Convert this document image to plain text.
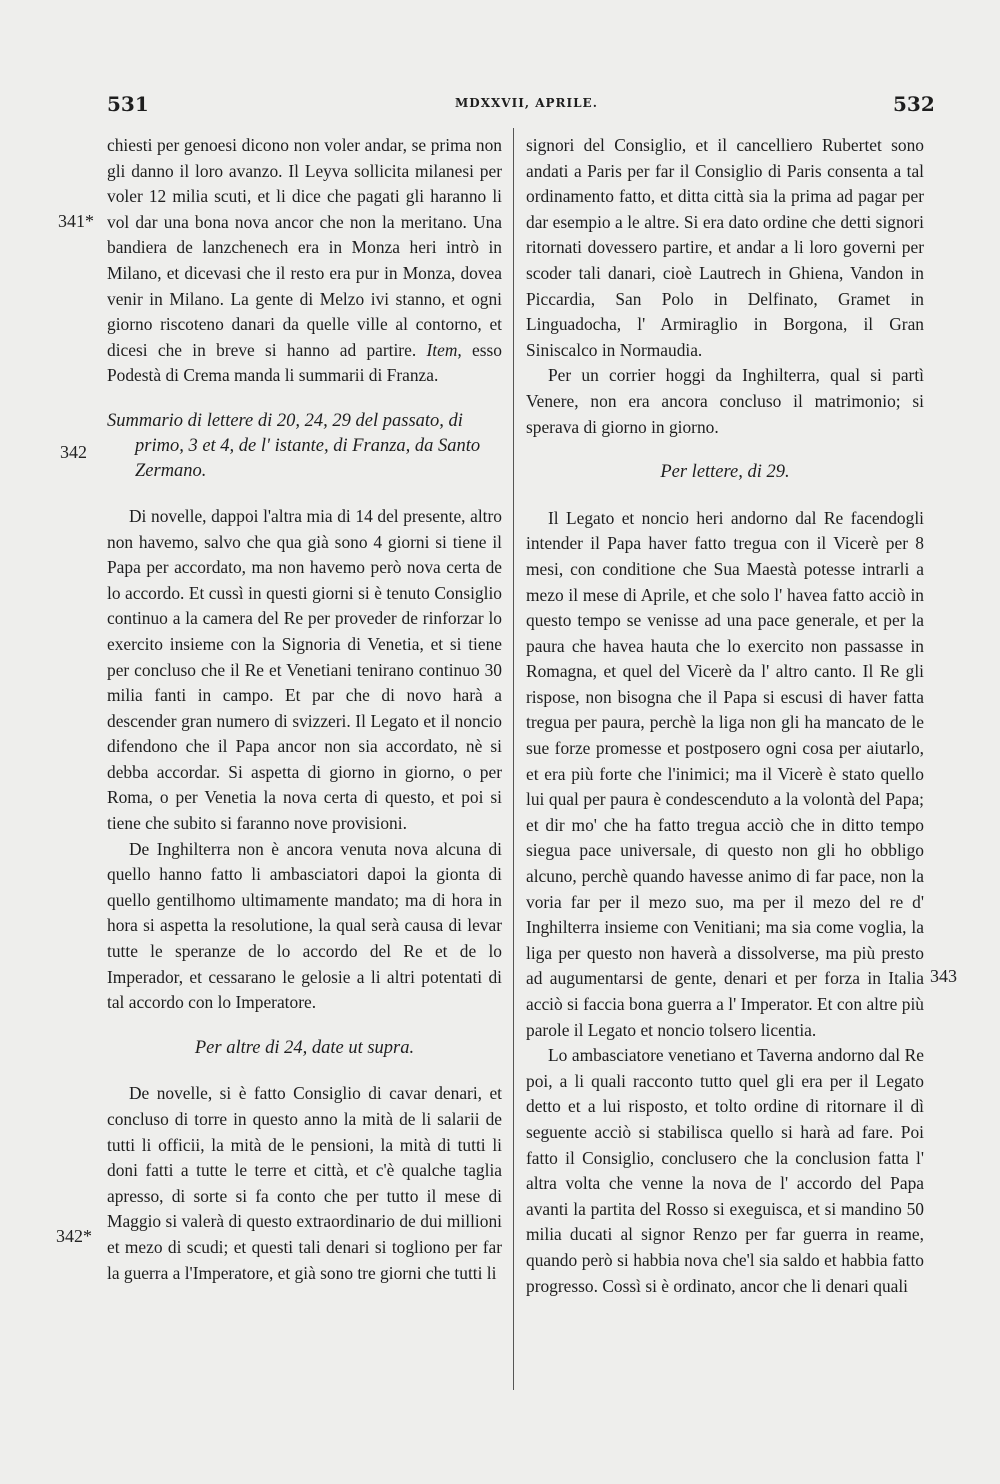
531	MDXXVII, APRILE.	532
341*
342
342*
343

chiesti per genoesi dicono non voler andar, se prima non gli danno il loro avanzo. Il Leyva sollicita milanesi per voler 12 milia scuti, et li dice che pagati gli haranno li vol dar una bona nova ancor che non la meritano. Una bandiera de lanzchenech era in Monza heri intrò in Milano, et dicevasi che il resto era pur in Monza, dovea venir in Milano. La gente di Melzo ivi stanno, et ogni giorno riscoteno danari da quelle ville al contorno, et dicesi che in breve si hanno ad partire. Item, esso Podestà di Crema manda li summarii di Franza.

Summario di lettere di 20, 24, 29 del passato, di primo, 3 et 4, de l' istante, di Franza, da Santo Zermano.

Di novelle, dappoi l'altra mia di 14 del presente, altro non havemo, salvo che qua già sono 4 giorni si tiene il Papa per accordato, ma non havemo però nova certa de lo accordo. Et cussì in questi giorni si è tenuto Consiglio continuo a la camera del Re per proveder de rinforzar lo exercito insieme con la Signoria di Venetia, et si tiene per concluso che il Re et Venetiani tenirano continuo 30 milia fanti in campo. Et par che di novo harà a descender gran numero di svizzeri. Il Legato et il noncio difendono che il Papa ancor non sia accordato, nè si debba accordar. Si aspetta di giorno in giorno, o per Roma, o per Venetia la nova certa di questo, et poi si tiene che subito si faranno nove provisioni.

De Inghilterra non è ancora venuta nova alcuna di quello hanno fatto li ambasciatori dapoi la gionta di quello gentilhomo ultimamente mandato; ma di hora in hora si aspetta la resolutione, la qual serà causa di levar tutte le speranze de lo accordo del Re et de lo Imperador, et cessarano le gelosie a li altri potentati di tal accordo con lo Imperatore.

Per altre di 24, date ut supra.

De novelle, si è fatto Consiglio di cavar denari, et concluso di torre in questo anno la mità de li salarii de tutti li officii, la mità de le pensioni, la mità di tutti li doni fatti a tutte le terre et città, et c'è qualche taglia apresso, di sorte si fa conto che per tutto il mese di Maggio si valerà di questo extraordinario de dui millioni et mezo di scudi; et questi tali denari si togliono per far la guerra a l'Imperatore, et già sono tre giorni che tutti li

signori del Consiglio, et il cancelliero Rubertet sono andati a Paris per far il Consiglio di Paris consenta a tal ordinamento fatto, et ditta città sia la prima ad pagar per dar esempio a le altre. Si era dato ordine che detti signori ritornati dovessero partire, et andar a li loro governi per scoder tali danari, cioè Lautrech in Ghiena, Vandon in Piccardia, San Polo in Delfinato, Gramet in Linguadocha, l' Armiraglio in Borgona, il Gran Siniscalco in Normaudia.

Per un corrier hoggi da Inghilterra, qual si partì Venere, non era ancora concluso il matrimonio; si sperava di giorno in giorno.

Per lettere, di 29.

Il Legato et noncio heri andorno dal Re facendogli intender il Papa haver fatto tregua con il Vicerè per 8 mesi, con conditione che Sua Maestà potesse intrarli a mezo il mese di Aprile, et che solo l' havea fatto acciò in questo tempo se venisse ad una pace generale, et per la paura che havea hauta che lo exercito non passasse in Romagna, et quel del Vicerè da l' altro canto. Il Re gli rispose, non bisogna che il Papa si escusi di haver fatta tregua per paura, perchè la liga non gli ha mancato de le sue forze promesse et postposero ogni cosa per aiutarlo, et era più forte che l'inimici; ma il Vicerè è stato quello lui qual per paura è condescenduto a la volontà del Papa; et dir mo' che ha fatto tregua acciò che in ditto tempo siegua pace universale, di questo non gli ho obbligo alcuno, perchè quando havesse animo di far pace, non la voria far per il mezo suo, ma per il mezo del re d' Inghilterra insieme con Venitiani; ma sia come voglia, la liga per questo non haverà a dissolverse, ma più presto ad augumentarsi de gente, denari et per forza in Italia acciò si faccia bona guerra a l' Imperator. Et con altre più parole il Legato et noncio tolsero licentia.

Lo ambasciatore venetiano et Taverna andorno dal Re poi, a li quali racconto tutto quel gli era per il Legato detto et a lui risposto, et tolto ordine di ritornare il dì seguente acciò si stabilisca quello si harà ad fare. Poi fatto il Consiglio, conclusero che la conclusion fatta l' altra volta che venne la nova de l' accordo del Papa avanti la partita del Rosso si exeguisca, et si mandino 50 milia ducati al signor Renzo per far guerra in reame, quando però si habbia nova che'l sia saldo et habbia fatto progresso. Cossì si è ordinato, ancor che li denari quali
